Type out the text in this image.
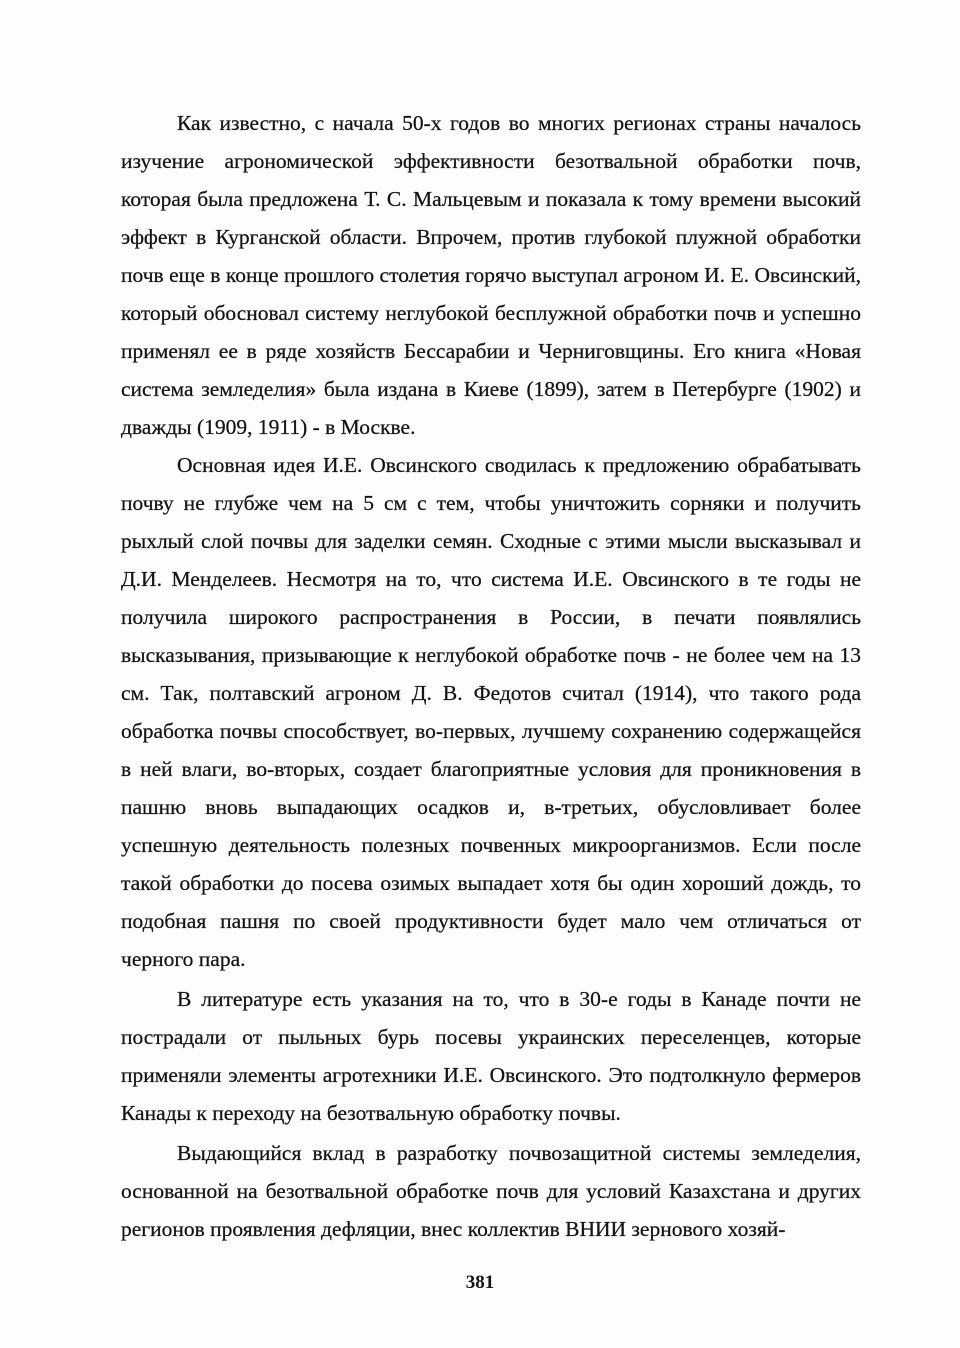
Как известно, с начала 50-х годов во многих регионах страны началось изучение агрономической эффективности безотвальной обработки почв, которая была предложена Т. С. Мальцевым и показала к тому времени высокий эффект в Курганской области. Впрочем, против глубокой плужной обработки почв еще в конце прошлого столетия горячо выступал агроном И. Е. Овсинский, который обосновал систему неглубокой бесплужной обработки почв и успешно применял ее в ряде хозяйств Бессарабии и Черниговщины. Его книга «Новая система земледелия» была издана в Киеве (1899), затем в Петербурге (1902) и дважды (1909, 1911) - в Москве.

Основная идея И.Е. Овсинского сводилась к предложению обрабатывать почву не глубже чем на 5 см с тем, чтобы уничтожить сорняки и получить рыхлый слой почвы для заделки семян. Сходные с этими мысли высказывал и Д.И. Менделеев. Несмотря на то, что система И.Е. Овсинского в те годы не получила широкого распространения в России, в печати появлялись высказывания, призывающие к неглубокой обработке почв - не более чем на 13 см. Так, полтавский агроном Д. В. Федотов считал (1914), что такого рода обработка почвы способствует, во-первых, лучшему сохранению содержащейся в ней влаги, во-вторых, создает благоприятные условия для проникновения в пашню вновь выпадающих осадков и, в-третьих, обусловливает более успешную деятельность полезных почвенных микроорганизмов. Если после такой обработки до посева озимых выпадает хотя бы один хороший дождь, то подобная пашня по своей продуктивности будет мало чем отличаться от черного пара.

В литературе есть указания на то, что в 30-е годы в Канаде почти не пострадали от пыльных бурь посевы украинских переселенцев, которые применяли элементы агротехники И.Е. Овсинского. Это подтолкнуло фермеров Канады к переходу на безотвальную обработку почвы.

Выдающийся вклад в разработку почвозащитной системы земледелия, основанной на безотвальной обработке почв для условий Казахстана и других регионов проявления дефляции, внес коллектив ВНИИ зернового хозяй-

381
